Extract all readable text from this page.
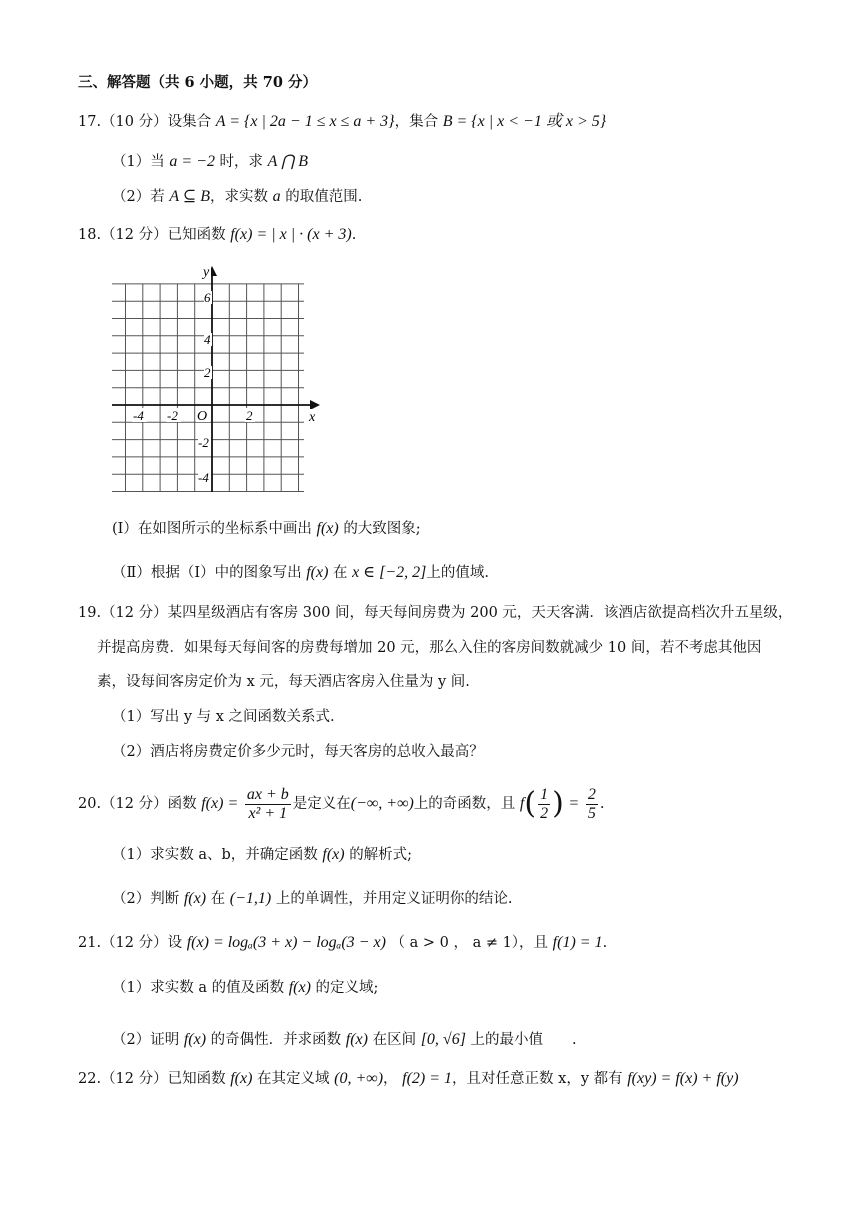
三、解答题（共 6 小题，共 70 分）
17.（10 分）设集合 A = {x | 2a − 1 ≤ x ≤ a + 3}，集合 B = {x | x < −1 或 x > 5}
（1）当 a = −2 时，求 A ⋂ B
（2）若 A ⊆ B，求实数 a 的取值范围.
18.（12 分）已知函数 f(x) = | x | · (x + 3).
y
x
O
-4 -2	2
6
4
2
-2
-4
(I）在如图所示的坐标系中画出 f(x) 的大致图象;
（Ⅱ）根据（I）中的图象写出 f(x) 在 x ∈ [−2, 2]上的值域.
19.（12 分）某四星级酒店有客房 300 间，每天每间房费为 200 元，天天客满．该酒店欲提高档次升五星级，
并提高房费．如果每天每间客的房费每增加 20 元，那么入住的客房间数就减少 10 间，若不考虑其他因
素，设每间客房定价为 x 元，每天酒店客房入住量为 y 间.
（1）写出 y 与 x 之间函数关系式.
（2）酒店将房费定价多少元时，每天客房的总收入最高？
20.（12 分）函数 $f(x) = \frac{ax + b}{\text{x² + 1}}$ 是定义在(−∞, +∞)上的奇函数，且 $f( \frac{1}{2}$ ) = $\frac{2}{5}$ .
（1）求实数 a、b，并确定函数 f(x) 的解析式;
（2）判断 f(x) 在 (−1,1) 上的单调性，并用定义证明你的结论.
21.（12 分）设 f(x) = logₐ(3 + x) − logₐ(3 − x) （ a > 0 ， a ≠ 1），且 f(1) = 1.
（1）求实数 a 的值及函数 f(x) 的定义域;
（2）证明 f(x) 的奇偶性．并求函数 f(x) 在区间 [0, √6] 上的最小值　　.
22.（12 分）已知函数 f(x) 在其定义域 (0, +∞)， f(2) = 1，且对任意正数 x，y 都有 f(xy) = f(x) + f(y)
